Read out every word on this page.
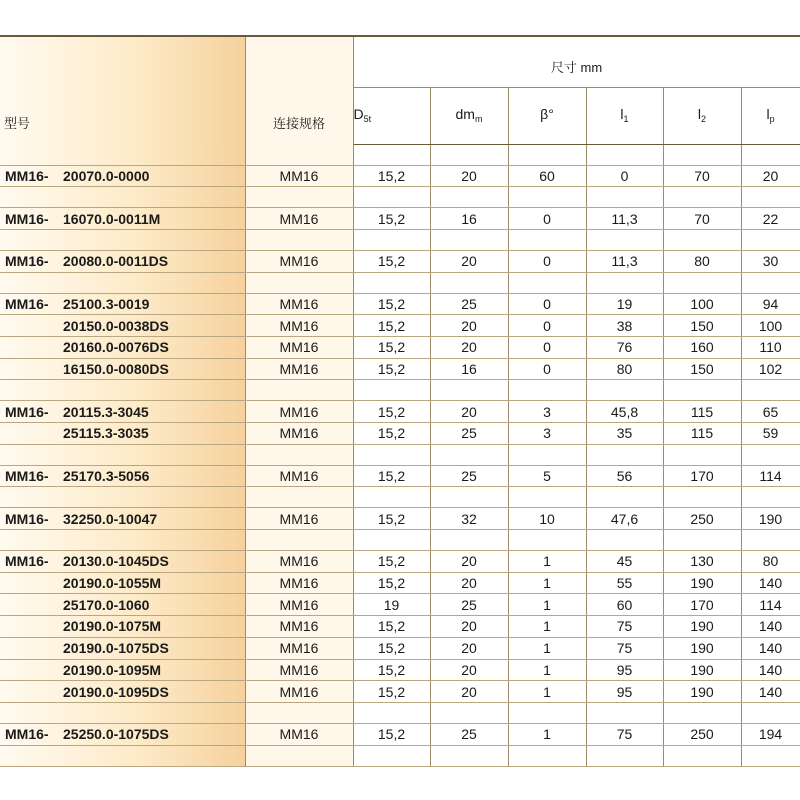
型号	连接规格	尺寸 mm					
		$D_{5t}$	$dm_m$	β°	$l_1$	$l_2$	$l_p$

MM16- 20070.0-0000	MM16	15,2	20	60	0	70	20

MM16- 16070.0-0011M	MM16	15,2	16	0	11,3	70	22

MM16- 20080.0-0011DS	MM16	15,2	20	0	11,3	80	30

MM16- 25100.3-0019	MM16	15,2	25	0	19	100	94
20150.0-0038DS	MM16	15,2	20	0	38	150	100
20160.0-0076DS	MM16	15,2	20	0	76	160	110
16150.0-0080DS	MM16	15,2	16	0	80	150	102

MM16- 20115.3-3045	MM16	15,2	20	3	45,8	115	65
25115.3-3035	MM16	15,2	25	3	35	115	59

MM16- 25170.3-5056	MM16	15,2	25	5	56	170	114

MM16- 32250.0-10047	MM16	15,2	32	10	47,6	250	190

MM16- 20130.0-1045DS	MM16	15,2	20	1	45	130	80
20190.0-1055M	MM16	15,2	20	1	55	190	140
25170.0-1060	MM16	19	25	1	60	170	114
20190.0-1075M	MM16	15,2	20	1	75	190	140
20190.0-1075DS	MM16	15,2	20	1	75	190	140
20190.0-1095M	MM16	15,2	20	1	95	190	140
20190.0-1095DS	MM16	15,2	20	1	95	190	140

MM16- 25250.0-1075DS	MM16	15,2	25	1	75	250	194
